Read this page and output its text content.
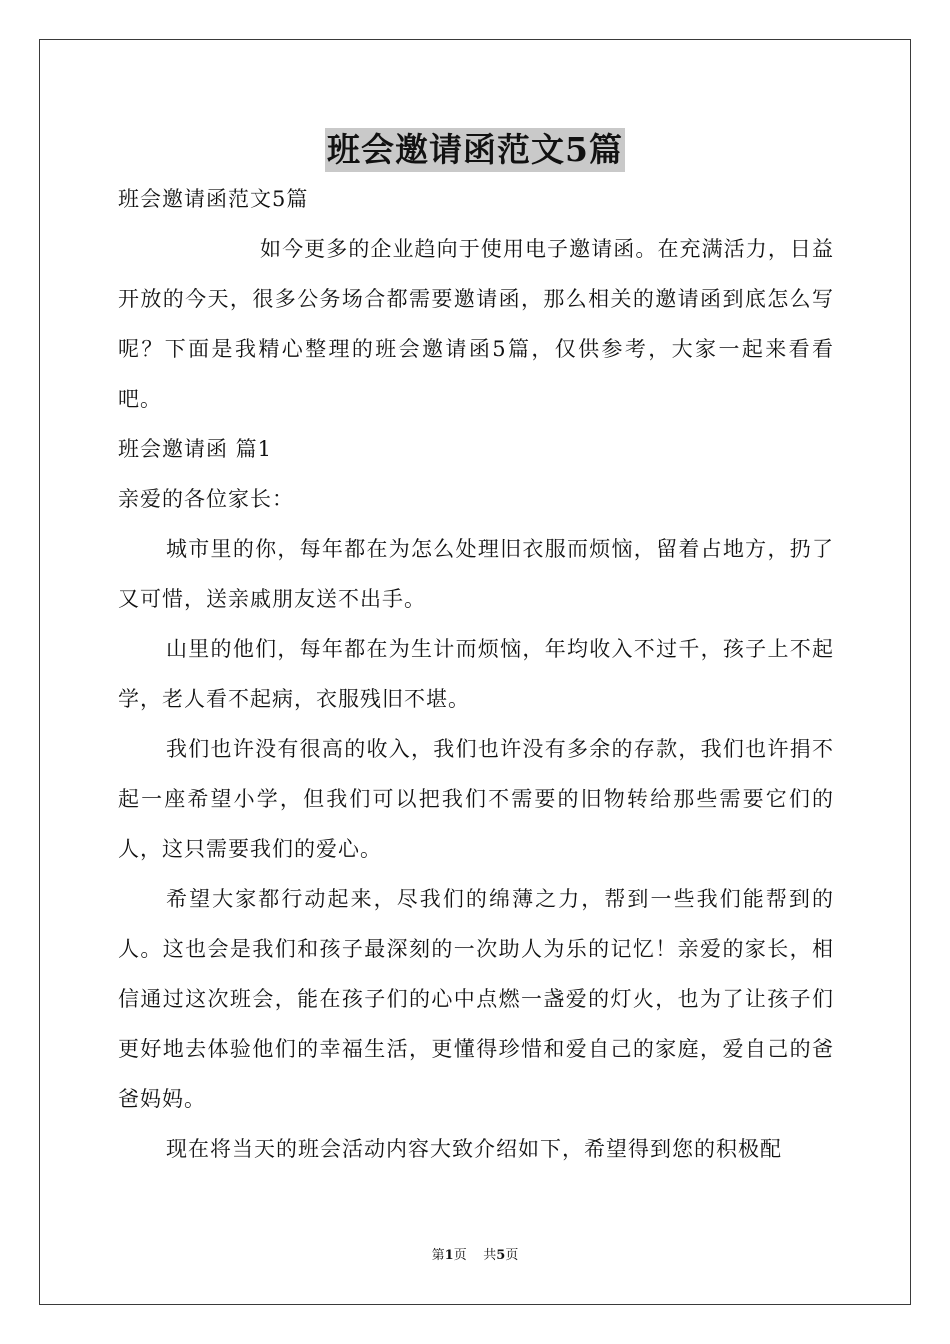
班会邀请函范文5篇

班会邀请函范文5篇

如今更多的企业趋向于使用电子邀请函。在充满活力，日益开放的今天，很多公务场合都需要邀请函，那么相关的邀请函到底怎么写呢？下面是我精心整理的班会邀请函5篇，仅供参考，大家一起来看看吧。

班会邀请函 篇1

亲爱的各位家长：

城市里的你，每年都在为怎么处理旧衣服而烦恼，留着占地方，扔了又可惜，送亲戚朋友送不出手。

山里的他们，每年都在为生计而烦恼，年均收入不过千，孩子上不起学，老人看不起病，衣服残旧不堪。

我们也许没有很高的收入，我们也许没有多余的存款，我们也许捐不起一座希望小学，但我们可以把我们不需要的旧物转给那些需要它们的人，这只需要我们的爱心。

希望大家都行动起来，尽我们的绵薄之力，帮到一些我们能帮到的人。这也会是我们和孩子最深刻的一次助人为乐的记忆！亲爱的家长，相信通过这次班会，能在孩子们的心中点燃一盏爱的灯火，也为了让孩子们更好地去体验他们的幸福生活，更懂得珍惜和爱自己的家庭，爱自己的爸爸妈妈。

现在将当天的班会活动内容大致介绍如下，希望得到您的积极配

第1页 共5页
